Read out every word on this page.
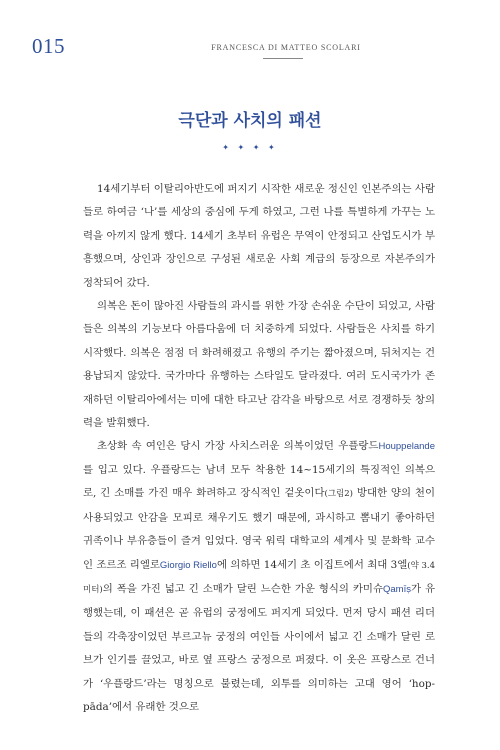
015	FRANCESCA DI MATTEO SCOLARI
극단과 사치의 패션
✦ ✦ ✦ ✦

14세기부터 이탈리아반도에 퍼지기 시작한 새로운 정신인 인본주의는 사람들로 하여금 ‘나’를 세상의 중심에 두게 하였고, 그런 나를 특별하게 가꾸는 노력을 아끼지 않게 했다. 14세기 초부터 유럽은 무역이 안정되고 산업도시가 부흥했으며, 상인과 장인으로 구성된 새로운 사회 계급의 등장으로 자본주의가 정착되어 갔다.

의복은 돈이 많아진 사람들의 과시를 위한 가장 손쉬운 수단이 되었고, 사람들은 의복의 기능보다 아름다움에 더 치중하게 되었다. 사람들은 사치를 하기 시작했다. 의복은 점점 더 화려해졌고 유행의 주기는 짧아졌으며, 뒤처지는 건 용납되지 않았다. 국가마다 유행하는 스타일도 달라졌다. 여러 도시국가가 존재하던 이탈리아에서는 미에 대한 타고난 감각을 바탕으로 서로 경쟁하듯 창의력을 발휘했다.

초상화 속 여인은 당시 가장 사치스러운 의복이었던 우플랑드Houppelande를 입고 있다. 우플랑드는 남녀 모두 착용한 14~15세기의 특징적인 의복으로, 긴 소매를 가진 매우 화려하고 장식적인 겉옷이다(그림2) 방대한 양의 천이 사용되었고 안감을 모피로 채우기도 했기 때문에, 과시하고 뽐내기 좋아하던 귀족이나 부유층들이 즐겨 입었다. 영국 워릭 대학교의 세계사 및 문화학 교수인 조르조 리엘로Giorgio Riello에 의하면 14세기 초 이집트에서 최대 3엘(약 3.4미터)의 폭을 가진 넓고 긴 소매가 달린 느슨한 가운 형식의 카미슈Qamīṣ가 유행했는데, 이 패션은 곧 유럽의 궁정에도 퍼지게 되었다. 먼저 당시 패션 리더들의 각축장이었던 부르고뉴 궁정의 여인들 사이에서 넓고 긴 소매가 달린 로브가 인기를 끌었고, 바로 옆 프랑스 궁정으로 퍼졌다. 이 옷은 프랑스로 건너가 ‘우플랑드’라는 명칭으로 불렸는데, 외투를 의미하는 고대 영어 ‘hop-pāda’에서 유래한 것으로
